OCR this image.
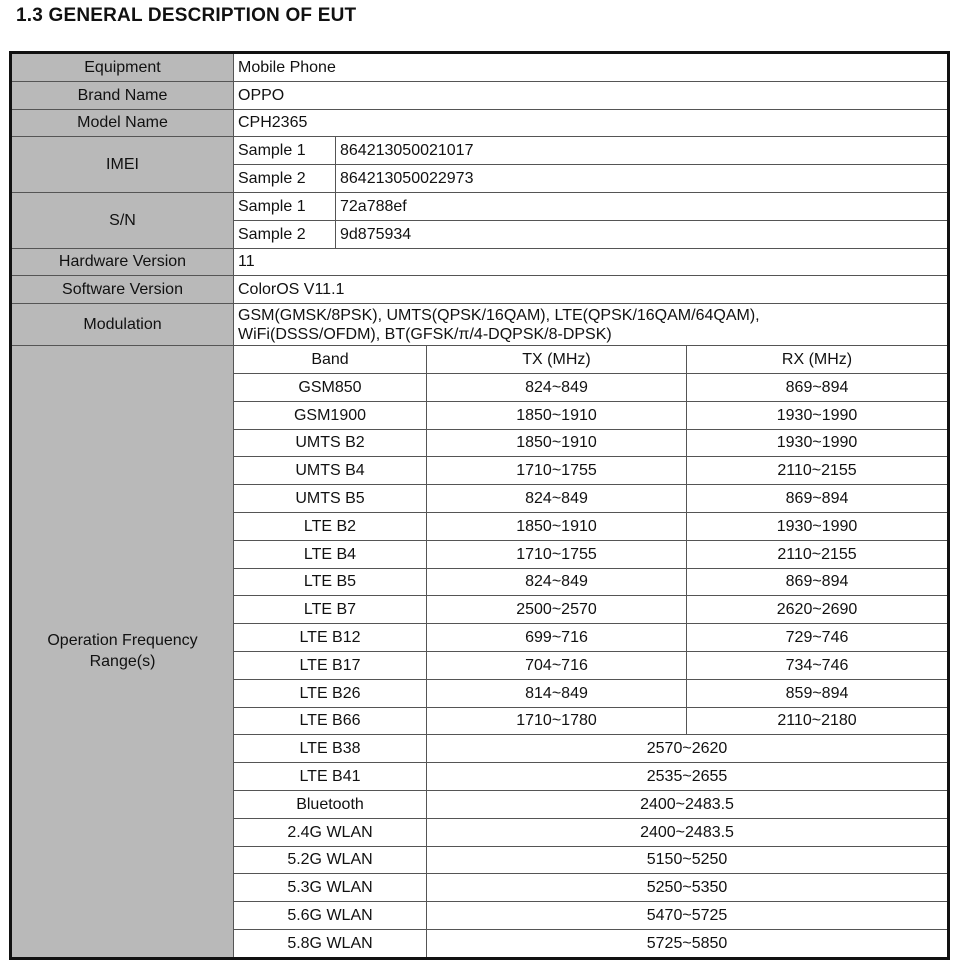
1.3 GENERAL DESCRIPTION OF EUT
Equipment	Mobile Phone			
Brand Name	OPPO			
Model Name	CPH2365			
IMEI	Sample 1	864213050021017		
	Sample 2	864213050022973		
S/N	Sample 1	72a788ef		
	Sample 2	9d875934		
Hardware Version	11			
Software Version	ColorOS V11.1			
Modulation	GSM(GMSK/8PSK), UMTS(QPSK/16QAM), LTE(QPSK/16QAM/64QAM),
WiFi(DSSS/OFDM), BT(GFSK/π/4-DQPSK/8-DPSK)			
Operation Frequency
Range(s)	Band		TX (MHz)	RX (MHz)
	GSM850		824~849	869~894
	GSM1900		1850~1910	1930~1990
	UMTS B2		1850~1910	1930~1990
	UMTS B4		1710~1755	2110~2155
	UMTS B5		824~849	869~894
	LTE B2		1850~1910	1930~1990
	LTE B4		1710~1755	2110~2155
	LTE B5		824~849	869~894
	LTE B7		2500~2570	2620~2690
	LTE B12		699~716	729~746
	LTE B17		704~716	734~746
	LTE B26		814~849	859~894
	LTE B66		1710~1780	2110~2180
	LTE B38		2570~2620	
	LTE B41		2535~2655	
	Bluetooth		2400~2483.5	
	2.4G WLAN		2400~2483.5	
	5.2G WLAN		5150~5250	
	5.3G WLAN		5250~5350	
	5.6G WLAN		5470~5725	
	5.8G WLAN		5725~5850	
